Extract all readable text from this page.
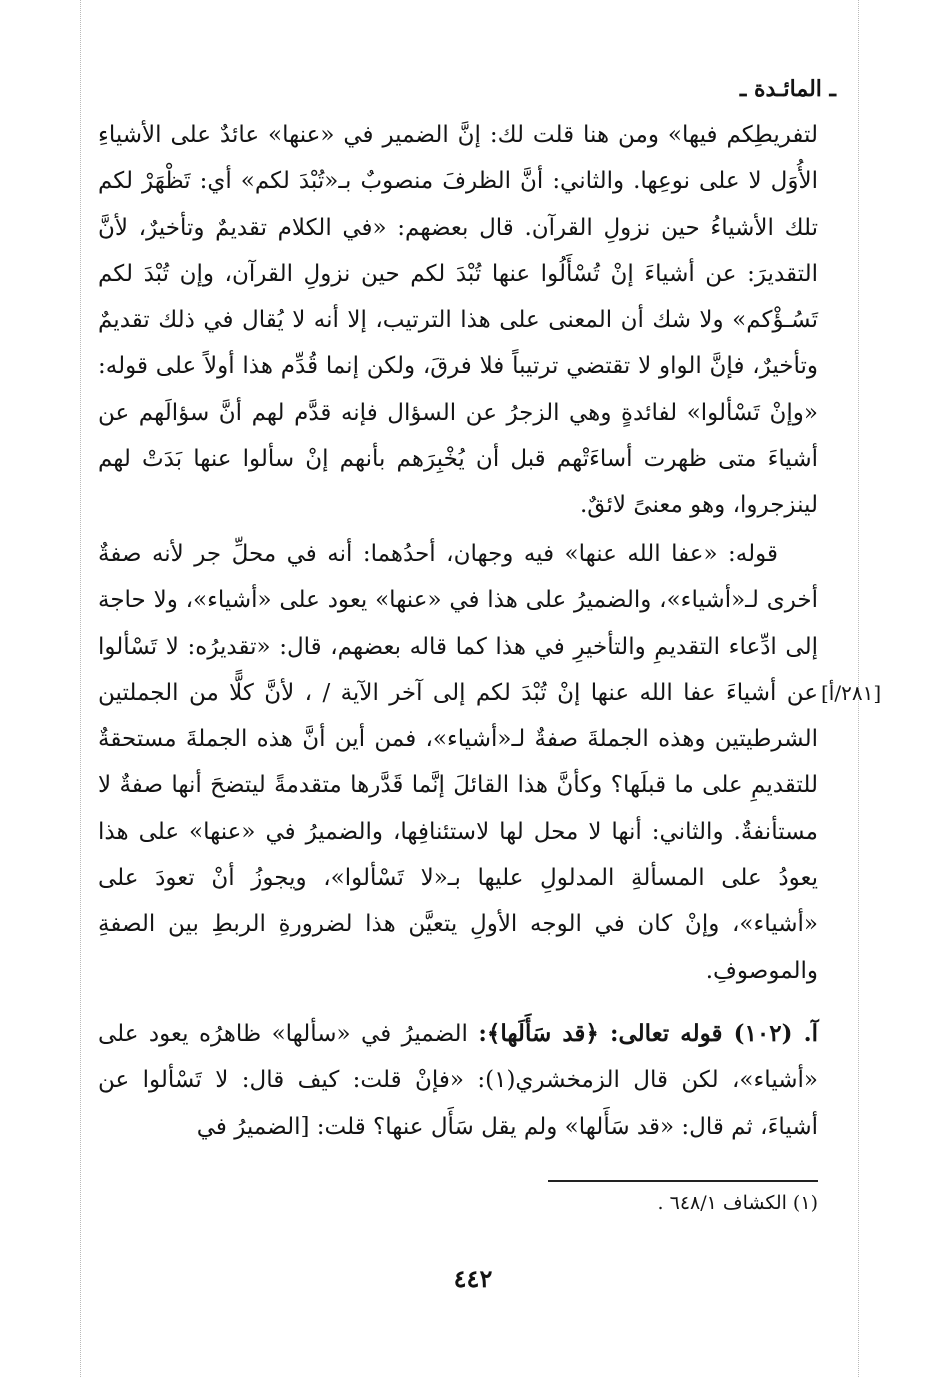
ـ المائـدة ـ
لتفريطِكم فيها» ومن هنا قلت لك: إنَّ الضمير في «عنها» عائدٌ على الأشياءِ الأُوَل لا على نوعِها. والثاني: أنَّ الظرفَ منصوبٌ بـ«تُبْدَ لكم» أي: تَظْهَرْ لكم تلك الأشياءُ حين نزولِ القرآن. قال بعضهم: «في الكلام تقديمٌ وتأخيرٌ، لأنَّ التقديرَ: عن أشياءَ إنْ تُسْأَلُوا عنها تُبْدَ لكم حين نزولِ القرآن، وإن تُبْدَ لكم تَسُـؤْكم» ولا شك أن المعنى على هذا الترتيب، إلا أنه لا يُقال في ذلك تقديمٌ وتأخيرٌ، فإنَّ الواو لا تقتضي ترتيباً فلا فرقَ، ولكن إنما قُدِّم هذا أولاً على قوله: «وإنْ تَسْألوا» لفائدةٍ وهي الزجرُ عن السؤال فإنه قدَّم لهم أنَّ سؤالَهم عن أشياءَ متى ظهرت أساءَتْهم قبل أن يُخْبِرَهم بأنهم إنْ سألوا عنها بَدَتْ لهم لينزجروا، وهو معنىً لائقٌ.
قوله: «عفا الله عنها» فيه وجهان، أحدُهما: أنه في محلِّ جر لأنه صفةٌ أخرى لـ«أشياء»، والضميرُ على هذا في «عنها» يعود على «أشياء»، ولا حاجة إلى ادِّعاء التقديمِ والتأخيرِ في هذا كما قاله بعضهم، قال: «تقديرُه: لا تَسْألوا عن أشياءَ عفا الله عنها إنْ تُبْدَ لكم إلى آخر الآية / ، لأنَّ كلًّا من الجملتين الشرطيتين وهذه الجملةَ صفةٌ لـ«أشياء»، فمن أين أنَّ هذه الجملةَ مستحقةٌ للتقديمِ على ما قبلَها؟ وكأنَّ هذا القائلَ إنَّما قَدَّرها متقدمةً ليتضحَ أنها صفةٌ لا مستأنفةٌ. والثاني: أنها لا محل لها لاستئنافِها، والضميرُ في «عنها» على هذا يعودُ على المسألةِ المدلولِ عليها بـ«لا تَسْألوا»، ويجوزُ أنْ تعودَ على «أشياء»، وإنْ كان في الوجه الأولِ يتعيَّن هذا لضرورةِ الربطِ بين الصفةِ والموصوفِ.
[٢٨١/أ]
آ. (١٠٢) قوله تعالى: ﴿قد سَأَلَها﴾: الضميرُ في «سألها» ظاهرُه يعود على «أشياء»، لكن قال الزمخشري(١): «فإنْ قلت: كيف قال: لا تَسْألوا عن أشياءَ، ثم قال: «قد سَأَلها» ولم يقل سَأَل عنها؟ قلت: [الضميرُ في
(١) الكشاف ٦٤٨/١ .
٤٤٢
